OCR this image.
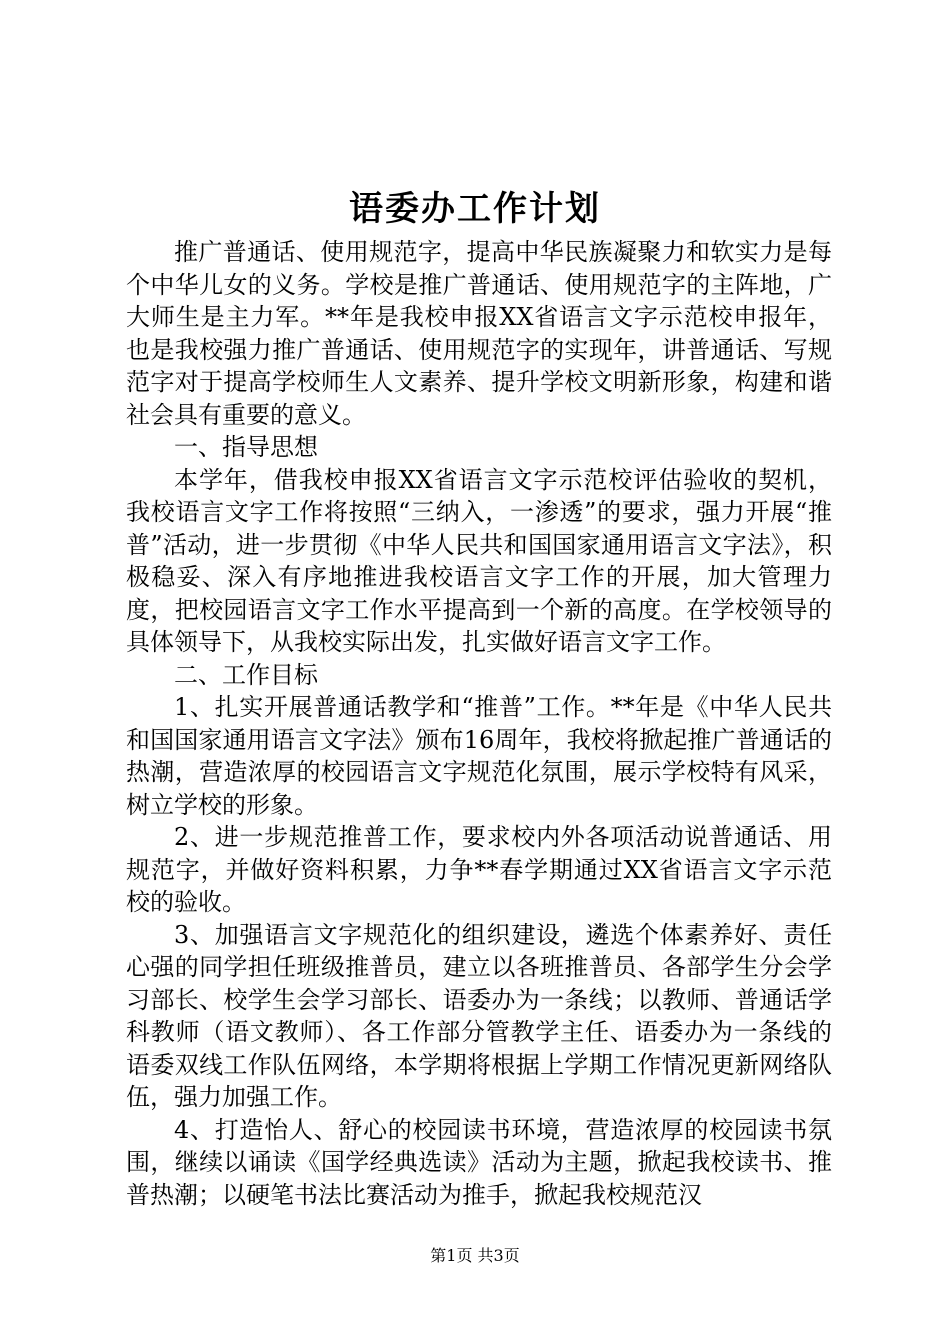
语委办工作计划

推广普通话、使用规范字，提高中华民族凝聚力和软实力是每个中华儿女的义务。学校是推广普通话、使用规范字的主阵地，广大师生是主力军。**年是我校申报XX省语言文字示范校申报年，也是我校强力推广普通话、使用规范字的实现年，讲普通话、写规范字对于提高学校师生人文素养、提升学校文明新形象，构建和谐社会具有重要的意义。

一、指导思想

本学年，借我校申报XX省语言文字示范校评估验收的契机，我校语言文字工作将按照“三纳入，一渗透”的要求，强力开展“推普”活动，进一步贯彻《中华人民共和国国家通用语言文字法》，积极稳妥、深入有序地推进我校语言文字工作的开展，加大管理力度，把校园语言文字工作水平提高到一个新的高度。在学校领导的具体领导下，从我校实际出发，扎实做好语言文字工作。

二、工作目标

1、扎实开展普通话教学和“推普”工作。**年是《中华人民共和国国家通用语言文字法》颁布16周年，我校将掀起推广普通话的热潮，营造浓厚的校园语言文字规范化氛围，展示学校特有风采，树立学校的形象。

2、进一步规范推普工作，要求校内外各项活动说普通话、用规范字，并做好资料积累，力争**春学期通过XX省语言文字示范校的验收。

3、加强语言文字规范化的组织建设，遴选个体素养好、责任心强的同学担任班级推普员，建立以各班推普员、各部学生分会学习部长、校学生会学习部长、语委办为一条线；以教师、普通话学科教师（语文教师）、各工作部分管教学主任、语委办为一条线的语委双线工作队伍网络，本学期将根据上学期工作情况更新网络队伍，强力加强工作。

4、打造怡人、舒心的校园读书环境，营造浓厚的校园读书氛围，继续以诵读《国学经典选读》活动为主题，掀起我校读书、推普热潮；以硬笔书法比赛活动为推手，掀起我校规范汉

第1页 共3页
